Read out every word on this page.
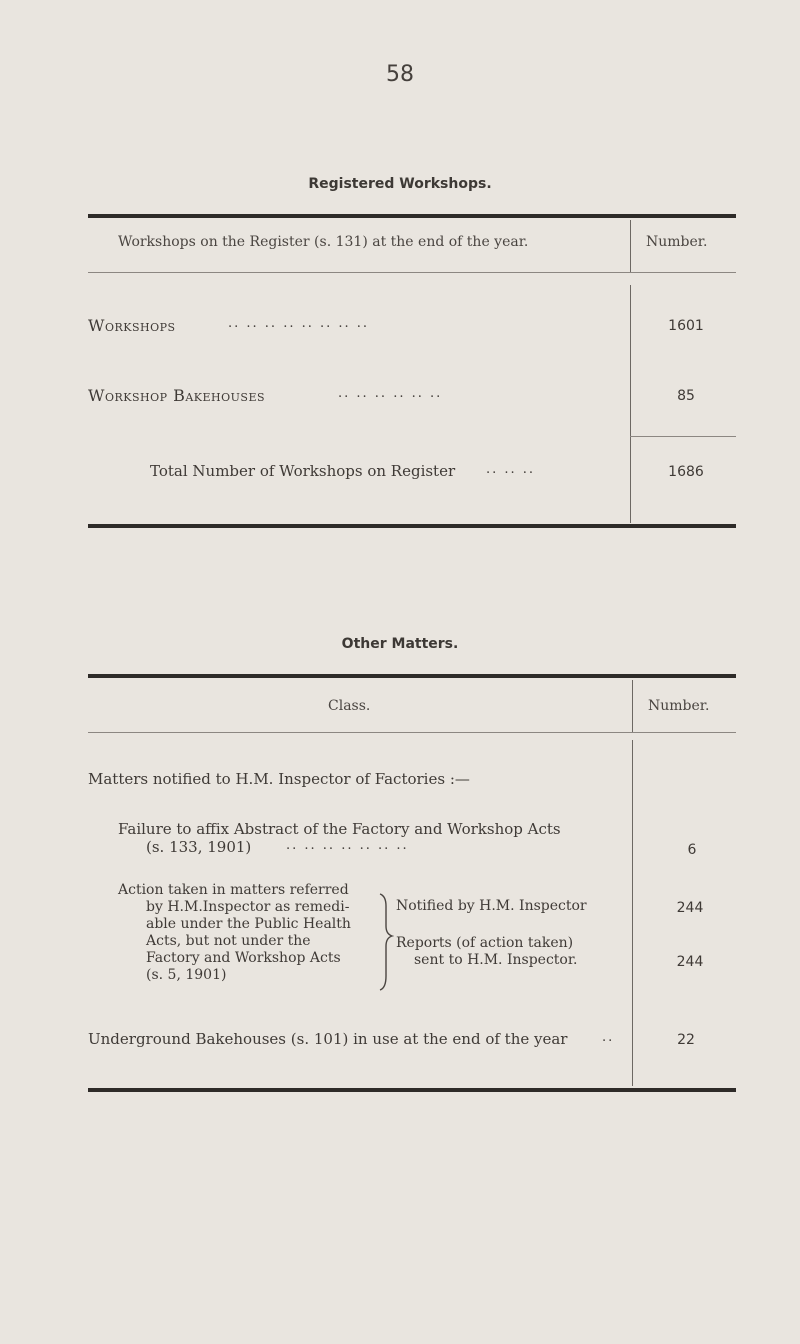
58
Registered Workshops.
Workshops on the Register (s. 131) at the end of the year.	Number.
Workshops	.. .. .. .. .. .. .. ..	1601
Workshop Bakehouses	.. .. .. .. .. ..	85
Total Number of Workshops on Register .. .. ..	1686
Other Matters.
Class.	Number.
Matters notified to H.M. Inspector of Factories :—
Failure to affix Abstract of the Factory and Workshop Acts
(s. 133, 1901)	.. .. .. .. .. .. ..	6
Action taken in matters referred
by H.M.Inspector as remedi-
able under the Public Health
Acts, but not under the
Factory and Workshop Acts
(s. 5, 1901)
Notified by H.M. Inspector	244
Reports (of action taken)
sent to H.M. Inspector.	244
Underground Bakehouses (s. 101) in use at the end of the year	..	22
